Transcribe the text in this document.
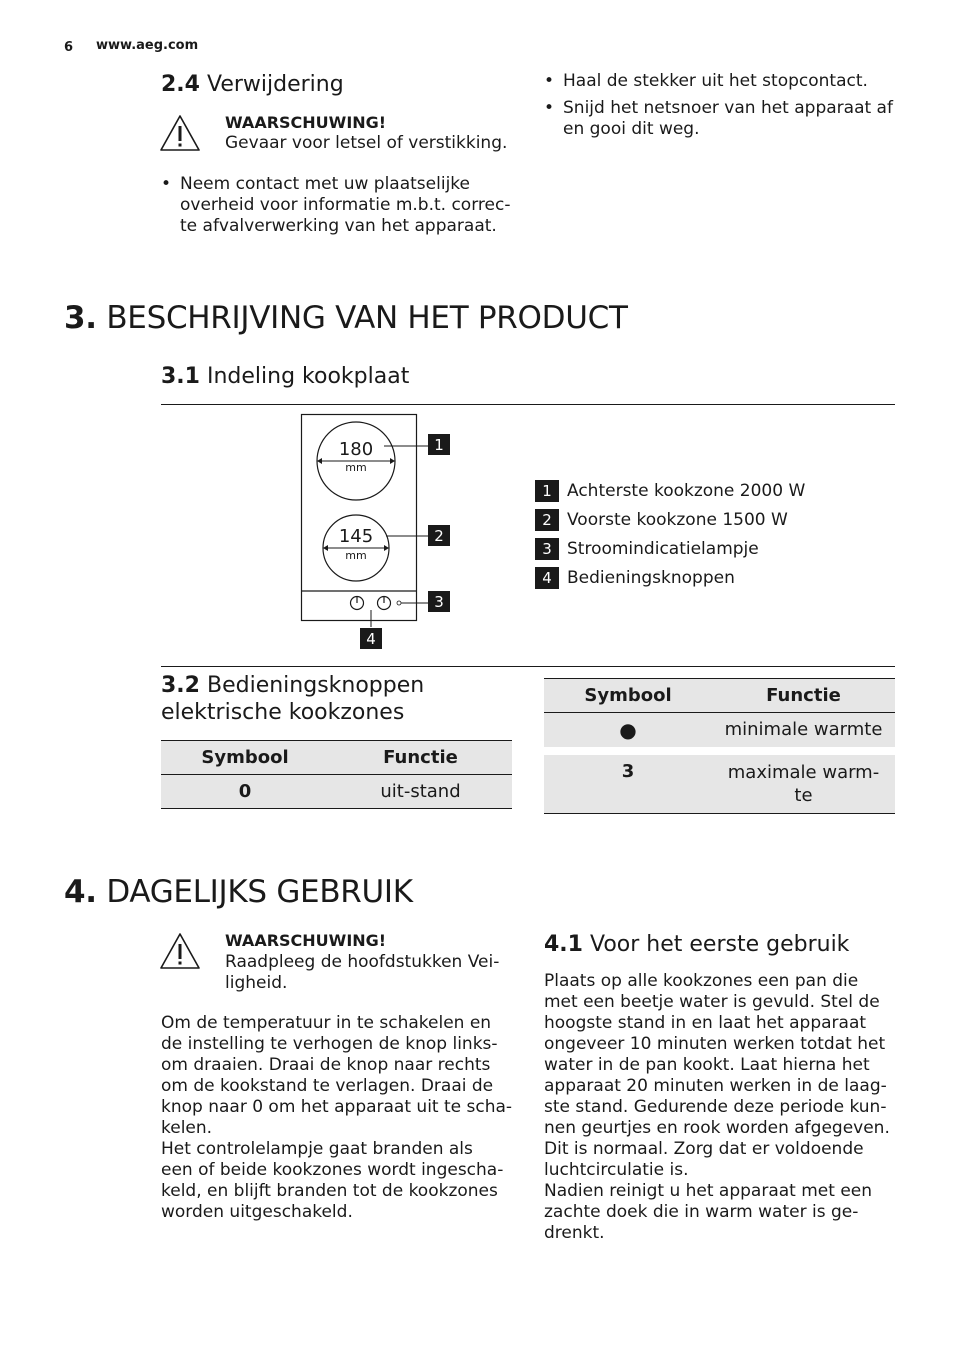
6 www.aeg.com
2.4 Verwijdering
WAARSCHUWING!
Gevaar voor letsel of verstikking.
• Neem contact met uw plaatselijke overheid voor informatie m.b.t. correcte afvalverwerking van het apparaat.
• Haal de stekker uit het stopcontact.
• Snijd het netsnoer van het apparaat af en gooi dit weg.
3. BESCHRIJVING VAN HET PRODUCT
3.1 Indeling kookplaat
180
mm
145
mm
1
2
3
4
1 Achterste kookzone 2000 W
2 Voorste kookzone 1500 W
3 Stroomindicatielampje
4 Bedieningsknoppen
3.2 Bedieningsknoppen
elektrische kookzones
Symbool	Functie
0	uit-stand
Symbool	Functie
●	minimale warmte
3	maximale warm-
te
4. DAGELIJKS GEBRUIK
WAARSCHUWING!
Raadpleeg de hoofdstukken Vei-
ligheid.
Om de temperatuur in te schakelen en
de instelling te verhogen de knop links-
om draaien. Draai de knop naar rechts
om de kookstand te verlagen. Draai de
knop naar 0 om het apparaat uit te scha-
kelen.
Het controlelampje gaat branden als
een of beide kookzones wordt ingescha-
keld, en blijft branden tot de kookzones
worden uitgeschakeld.
4.1 Voor het eerste gebruik
Plaats op alle kookzones een pan die
met een beetje water is gevuld. Stel de
hoogste stand in en laat het apparaat
ongeveer 10 minuten werken totdat het
water in de pan kookt. Laat hierna het
apparaat 20 minuten werken in de laag-
ste stand. Gedurende deze periode kun-
nen geurtjes en rook worden afgegeven.
Dit is normaal. Zorg dat er voldoende
luchtcirculatie is.
Nadien reinigt u het apparaat met een
zachte doek die in warm water is ge-
drenkt.
